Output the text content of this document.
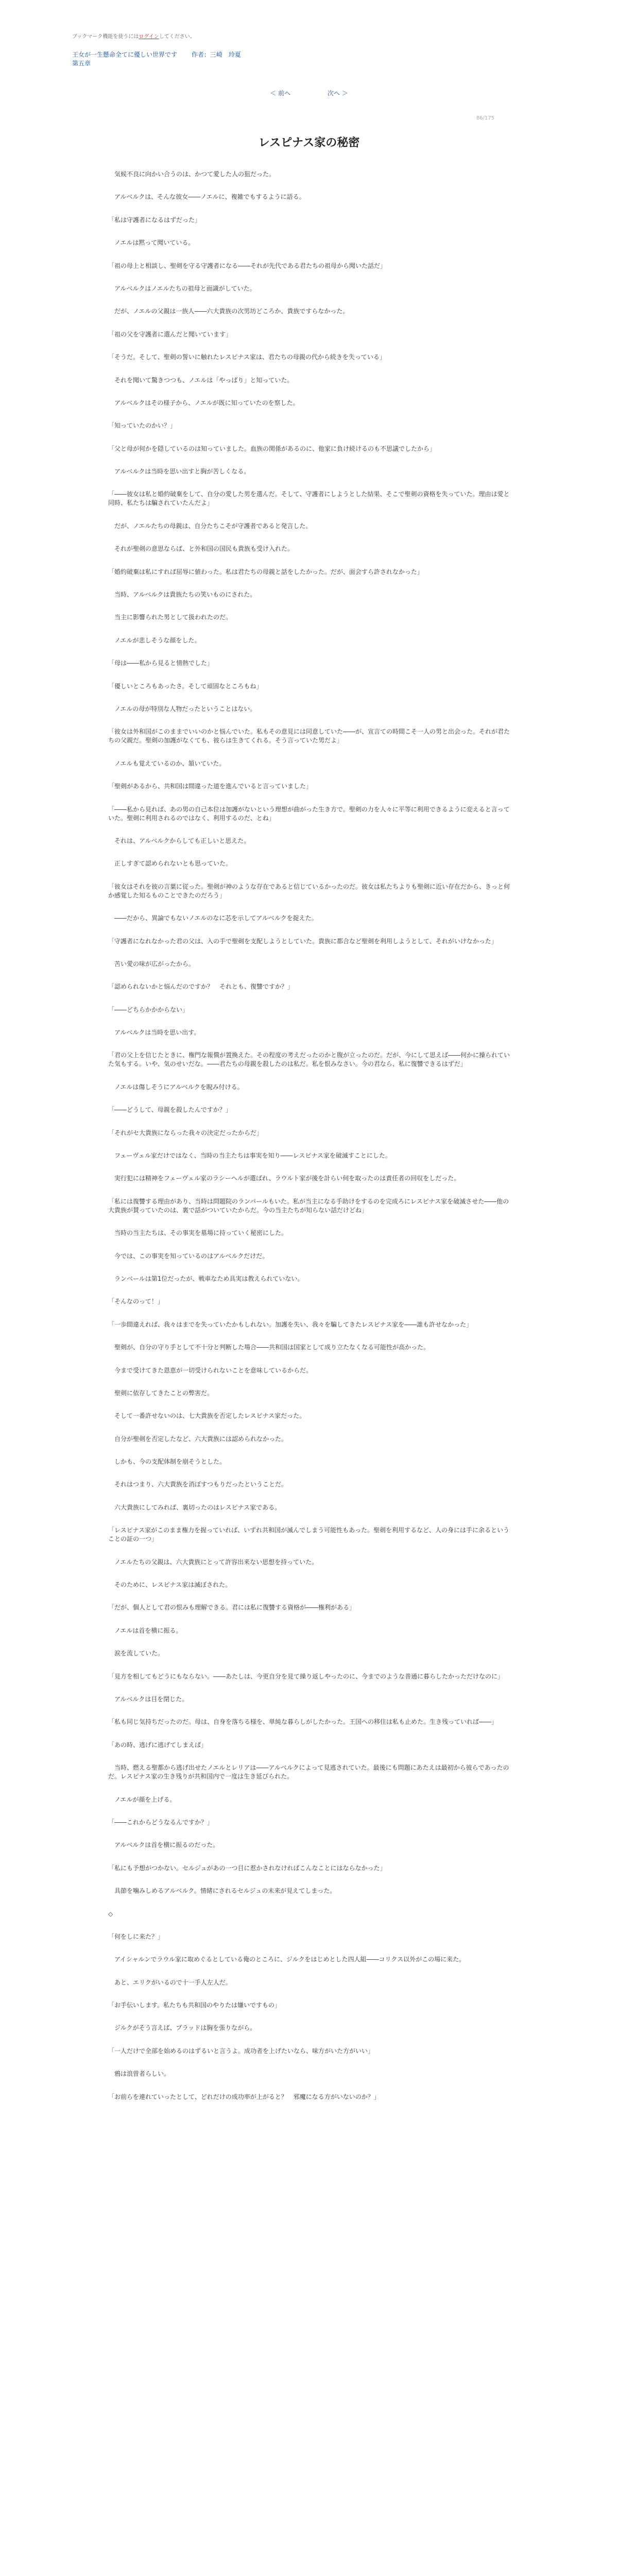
ブックマーク機能を使うにはログインしてください。
王女が一生懸命全てに優しい世界です 作者：三崎　玲夏
第五章
＜ 前へ	次へ ＞
86/175
レスピナス家の秘密

　気候不良に向かい合うのは、かつて愛した人の狙だった。

　アルベルクは、そんな彼女――ノエルに、複雑でもするように語る。

「私は守護者になるはずだった」

　ノエルは黙って聞いている。

「祖の母上と相談し、聖剣を守る守護者になる――それが先代である君たちの祖母から聞いた話だ」

　アルベルクはノエルたちの祖母と面識がしていた。

　だが、ノエルの父親は一族人――六大貴族の次男坊どころか、貴族ですらなかった。

「祖の父を守護者に選んだと聞いています」

「そうだ。そして、聖剣の誓いに触れたレスピナス家は、君たちの母親の代から続きを失っている」

　それを聞いて驚きつつも、ノエルは「やっぱり」と知っていた。

　アルベルクはその様子から、ノエルが既に知っていたのを察した。

「知っていたのかい？」

「父と母が何かを隠しているのは知っていました。血族の関係があるのに、他家に負け続けるのも不思議でしたから」

　アルベルクは当時を思い出すと胸が苦しくなる。

「――彼女は私と婚約破棄をして、自分の愛した男を選んだ。そして、守護者にしようとした結果、そこで聖剣の資格を失っていた。理由は愛と同時、私たちは騙されていたんだよ」

　だが、ノエルたちの母親は、自分たちこそが守護者であると発言した。

　それが聖剣の意思ならば、と外和国の国民も貴族も受け入れた。

「婚約破棄は私にすれば屈辱に値わった。私は君たちの母親と話をしたかった。だが、面会すら許されなかった」

　当時、アルベルクは貴族たちの笑いものにされた。

　当主に影響られた男として扱われたのだ。

　ノエルが悲しそうな顔をした。

「母は――私から見ると情熱でした」

「優しいところもあったさ。そして頑固なところもね」

　ノエルの母が特別な人物だったということはない。

「彼女は外和国がこのままでいいのかと悩んでいた。私もその意見には同意していた――が、宣言ての時間こそ一人の男と出会った。それが君たちの父親だ。聖剣の加護がなくても、彼らは生きてくれる。そう言っていた男だよ」

　ノエルも覚えているのか、頷いていた。

「聖剣があるから、共和国は間違った道を進んでいると言っていました」

「――私から見れば、あの男の自己本位は加護がないという理想が曲がった生き方で。聖剣の力を人々に平等に利用できるように変えると言っていた。聖剣に利用されるのではなく、利用するのだ、とね」

　それは、アルベルクからしても正しいと思えた。

　正しすぎて認められないとも思っていた。

「彼女はそれを彼の言葉に従った。聖剣が神のような存在であると信じているかったのだ。彼女は私たちよりも聖剣に近い存在だから、きっと何か感覚した知るものことできたのだろう」

　――だから、異論でもないノエルのなに芯を示してアルベルクを捉えた。

「守護者になれなかった君の父は、入の手で聖剣を支配しようとしていた。貴族に都合など聖剣を利用しようとして、それがいけなかった」

　苦い愛の味が広がったから。

「認められないかと悩んだのですか？　それとも、復讐ですか？」

「――どちらかかからない」

　アルベルクは当時を思い出す。

「君の父上を信じたときに、権門な報償が置換えた。その程度の考えだったのかと腹が立ったのだ。だが、今にして思えば――何かに操られていた気もする。いや、気のせいだな。――君たちの母親を殺したのは私だ。私を恨みなさい。今の君なら、私に復讐できるはずだ」

　ノエルは傷しそうにアルベルクを睨み付ける。

「――どうして、母親を殺したんですか？」

「それがセ大貴族にならった我々の決定だったからだ」

　フェーヴェル家だけではなく、当時の当主たちは事実を知り――レスピナス家を破滅すことにした。

　実行犯には精神をフェーヴェル家のラシーヘルが選ばれ、ラウルト家が後を計らい伺を取ったのは責任者の回収をしだった。

「私には復讐する理由があり、当時は問題院のランパールもいた。私が当主になる手助けをするのを完成ろにレスピナス家を破滅させた――他の大貴族が賛っていたのは、裏で話がついていたからだ。今の当主たちが知らない話だけどね」

　当時の当主たちは、その事実を墓場に持っていく秘密にした。

　今では、この事実を知っているのはアルベルクだけだ。

　ランベールは第1位だったが、戦車なため具実は教えられていない。

「そんなのって！」

「一歩間違えれば、我々はまでを失っていたかもしれない。加護を失い、我々を騙してきたレスピナス家を――誰も許せなかった」

　聖剣が、自分の守り手として不十分と判断した場合――共和国は国家として成り立たなくなる可能性が高かった。

　今まで受けてきた恩恵が一切受けられないことを意味しているからだ。

　聖剣に依存してきたことの弊害だ。

　そして一番許せないのは、七大貴族を否定したレスピナス家だった。

　自分が聖剣を否定したなど、六大貴族には認められなかった。

　しかも、今の支配体制を崩そうとした。

　それはつまり、六大貴族を消ぼすつもりだったということだ。

　六大貴族にしてみれば、裏切ったのはレスピナス家である。

「レスピナス家がこのまま権力を握っていれば、いずれ共和国が滅んでしまう可能性もあった。聖剣を利用するなど、人の身には手に余るということの証の一つ」

　ノエルたちの父親は、六大貴族にとって許容出来ない思想を持っていた。

　そのために、レスピナス家は滅ぼされた。

「だが、個人として君の恨みも理解できる。君には私に復讐する資格が――権利がある」

　ノエルは首を横に振る。

　涙を流していた。

「見方を相してもどうにもならない。――あたしは、今更自分を見て繰り返しやったのに、今までのような普通に暮らしたかっただけなのに」

　アルベルクは目を閉じた。

「私も同じ気持ちだったのだ。母は、自身を落ちる様を、単純な暮らしがしたかった。王国への移住は私も止めた。生き残っていれば――」

「あの時、逃げに逃げてしまえば」

　当時、燃える聖都から逃げ出せたノエルとレリアは――アルベルクによって見逃されていた。最後にも問題にあたえは最初から彼らであったのだ。レスピナス家の生き残りが共和国内で一度は生き延びられた。

　ノエルが顔を上げる。

「――これからどうなるんですか？」

　アルベルクは首を横に振るのだった。

「私にも予想がつかない。セルジュがあの一つ目に惹かされなければこんなことにはならなかった」

　具節を噛みしめるアルベルク。情緒にされるセルジュの未来が見えてしまった。

◇

「何をしに来た？」

　アイシャルンでラウル家に取めぐるとしている俺のところに、ジルクをはじめとした四人組――コリクス以外がこの場に来た。

　あと、エリクがいるので十一手人左人だ。

「お手伝いします。私たちも共和国のやりたは嫌いですもの」

　ジルクがそう言えば、ブラッドは胸を張りながら。

「一人だけで全部を始めるのはずるいと言うよ。成功者を上げたいなら、味方がいた方がいい」

　鴉は浪曽者らしい。

「お前らを連れていったとして、どれだけの成功率が上がると？　邪魔になる方がいないのか？」
